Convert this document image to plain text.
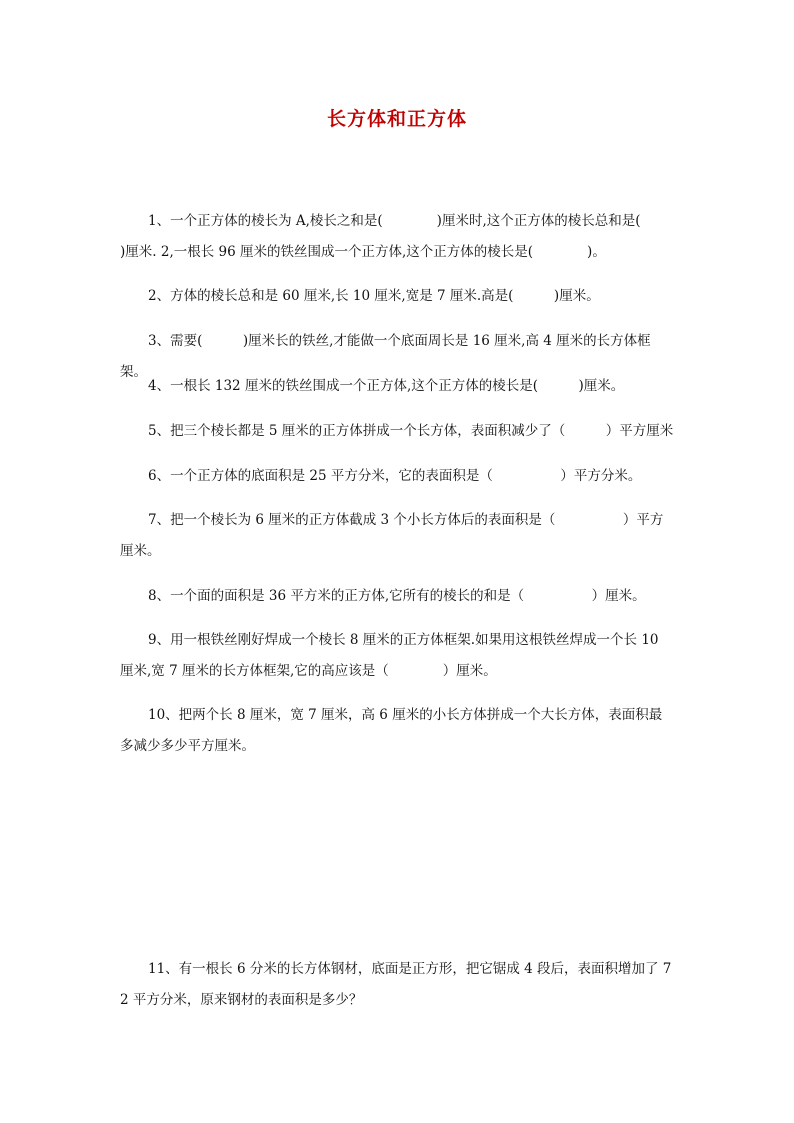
长方体和正方体
1、一个正方体的棱长为 A,棱长之和是(　　　　)厘米时,这个正方体的棱长总和是(　　　)厘米. 2,一根长 96 厘米的铁丝围成一个正方体,这个正方体的棱长是(　　　　)。
2、方体的棱长总和是 60 厘米,长 10 厘米,宽是 7 厘米.高是(　　　)厘米。
3、需要(　　　)厘米长的铁丝,才能做一个底面周长是 16 厘米,高 4 厘米的长方体框架。
4、一根长 132 厘米的铁丝围成一个正方体,这个正方体的棱长是(　　　)厘米。
5、把三个棱长都是 5 厘米的正方体拼成一个长方体，表面积减少了（　　　）平方厘米
6、一个正方体的底面积是 25 平方分米，它的表面积是（　　　　　）平方分米。
7、把一个棱长为 6 厘米的正方体截成 3 个小长方体后的表面积是（　　　　　）平方厘米。
8、一个面的面积是 36 平方米的正方体,它所有的棱长的和是（　　　　　）厘米。
9、用一根铁丝刚好焊成一个棱长 8 厘米的正方体框架.如果用这根铁丝焊成一个长 10 厘米,宽 7 厘米的长方体框架,它的高应该是（　　　　）厘米。
10、把两个长 8 厘米，宽 7 厘米，高 6 厘米的小长方体拼成一个大长方体，表面积最多减少多少平方厘米。
11、有一根长 6 分米的长方体钢材，底面是正方形，把它锯成 4 段后，表面积增加了 72 平方分米，原来钢材的表面积是多少？
